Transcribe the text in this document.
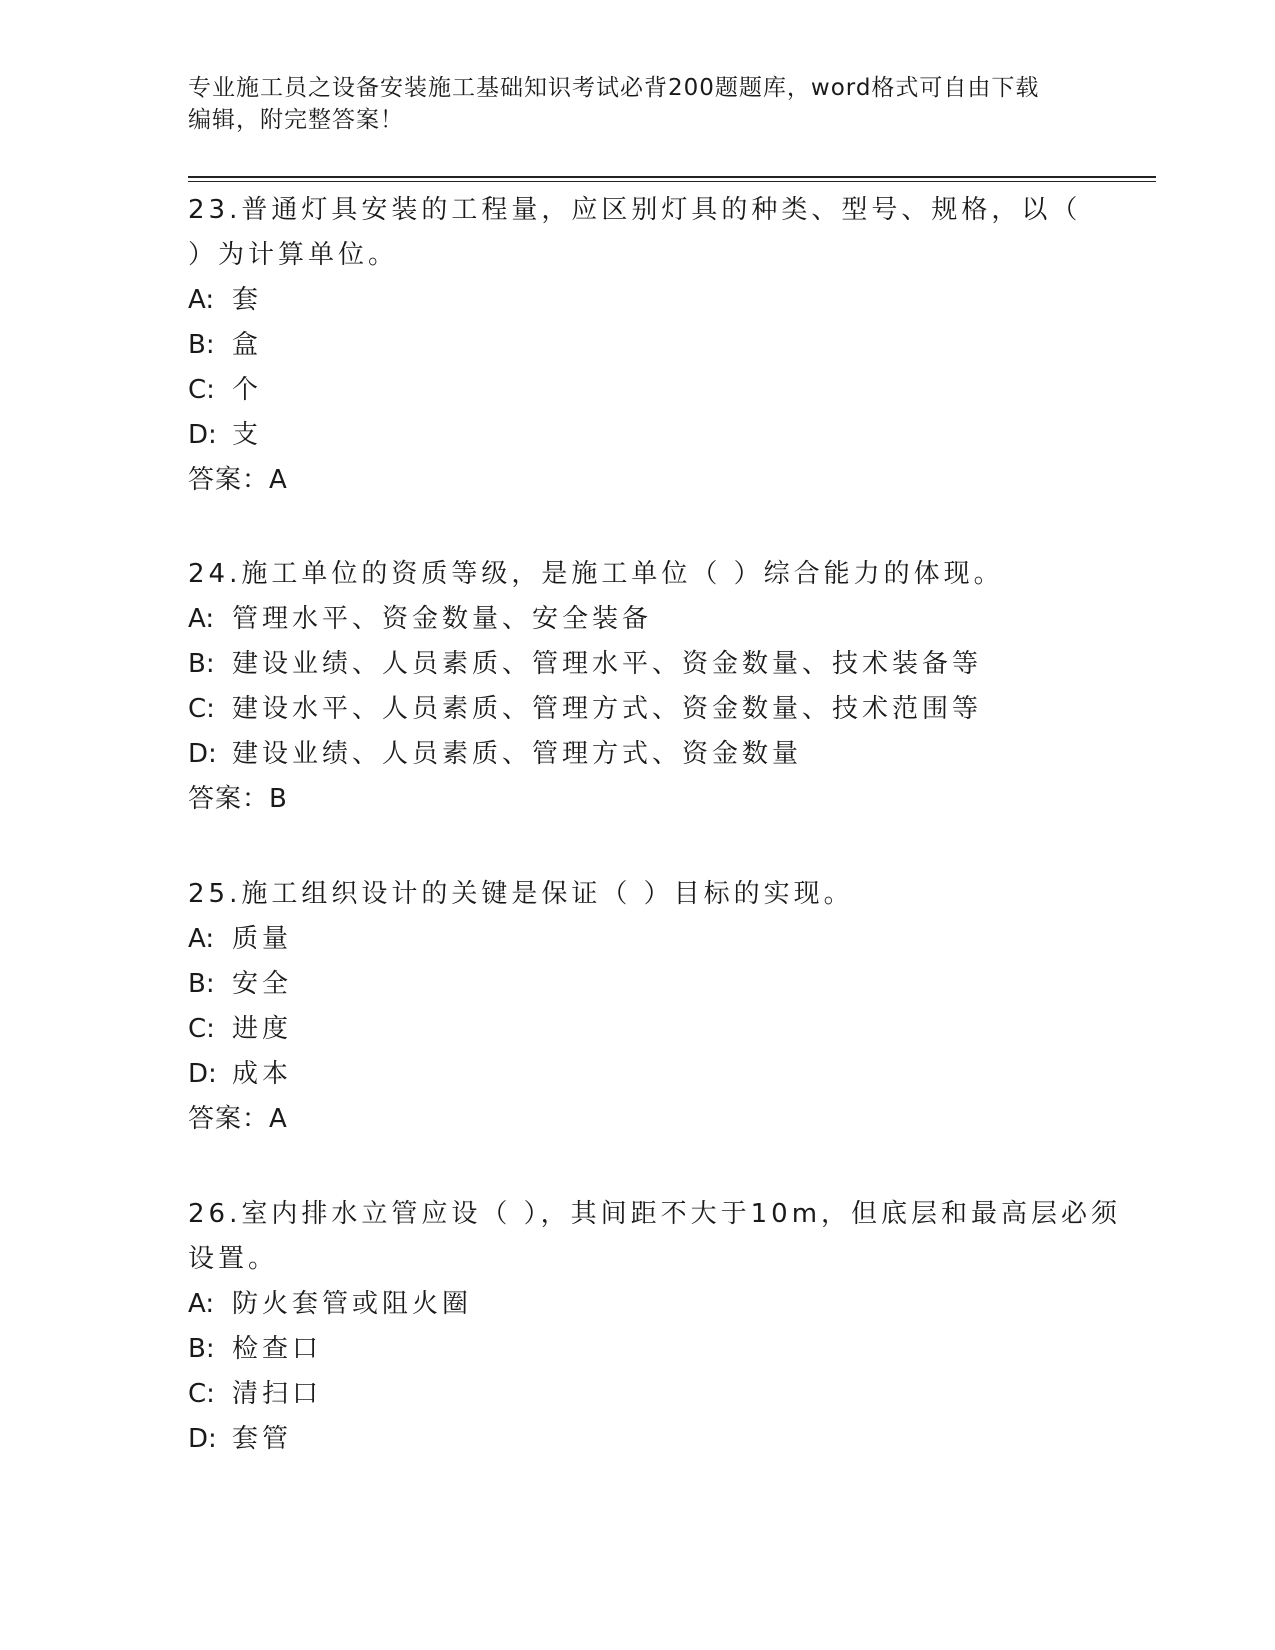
专业施工员之设备安装施工基础知识考试必背200题题库，word格式可自由下载
编辑，附完整答案！
23.普通灯具安装的工程量，应区别灯具的种类、型号、规格，以（
）为计算单位。
A: 套
B: 盒
C: 个
D: 支
答案：A
24.施工单位的资质等级，是施工单位（ ）综合能力的体现。
A: 管理水平、资金数量、安全装备
B: 建设业绩、人员素质、管理水平、资金数量、技术装备等
C: 建设水平、人员素质、管理方式、资金数量、技术范围等
D: 建设业绩、人员素质、管理方式、资金数量
答案：B
25.施工组织设计的关键是保证（ ）目标的实现。
A: 质量
B: 安全
C: 进度
D: 成本
答案：A
26.室内排水立管应设（ ），其间距不大于10m，但底层和最高层必须
设置。
A: 防火套管或阻火圈
B: 检查口
C: 清扫口
D: 套管
